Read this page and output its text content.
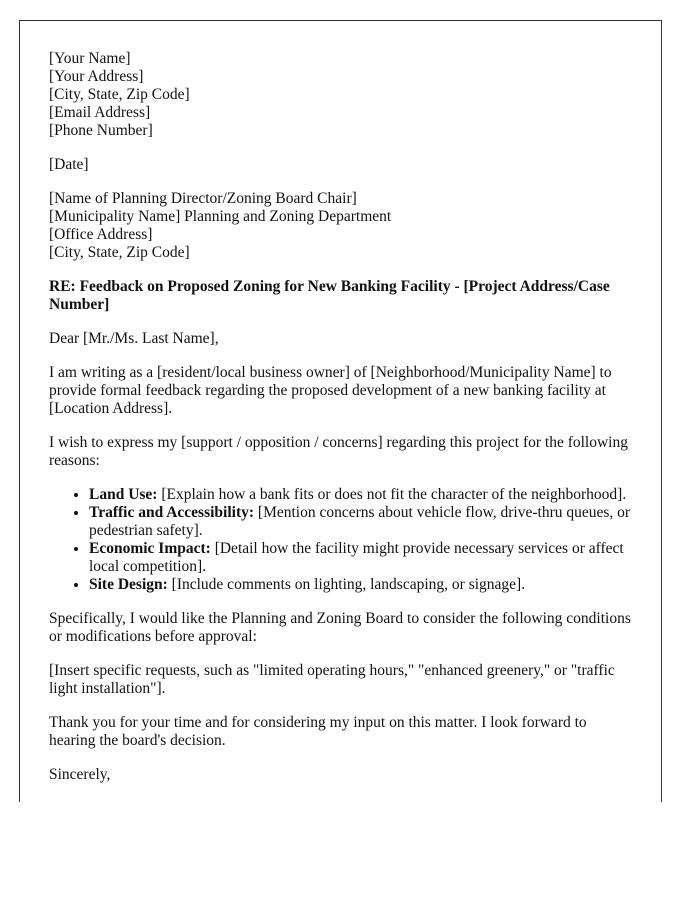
[Your Name]
[Your Address]
[City, State, Zip Code]
[Email Address]
[Phone Number]

[Date]

[Name of Planning Director/Zoning Board Chair]
[Municipality Name] Planning and Zoning Department
[Office Address]
[City, State, Zip Code]

RE: Feedback on Proposed Zoning for New Banking Facility - [Project Address/Case Number]

Dear [Mr./Ms. Last Name],

I am writing as a [resident/local business owner] of [Neighborhood/Municipality Name] to provide formal feedback regarding the proposed development of a new banking facility at [Location Address].

I wish to express my [support / opposition / concerns] regarding this project for the following reasons:

• Land Use: [Explain how a bank fits or does not fit the character of the neighborhood].
• Traffic and Accessibility: [Mention concerns about vehicle flow, drive-thru queues, or pedestrian safety].
• Economic Impact: [Detail how the facility might provide necessary services or affect local competition].
• Site Design: [Include comments on lighting, landscaping, or signage].

Specifically, I would like the Planning and Zoning Board to consider the following conditions or modifications before approval:

[Insert specific requests, such as "limited operating hours," "enhanced greenery," or "traffic light installation"].

Thank you for your time and for considering my input on this matter. I look forward to hearing the board's decision.

Sincerely,
